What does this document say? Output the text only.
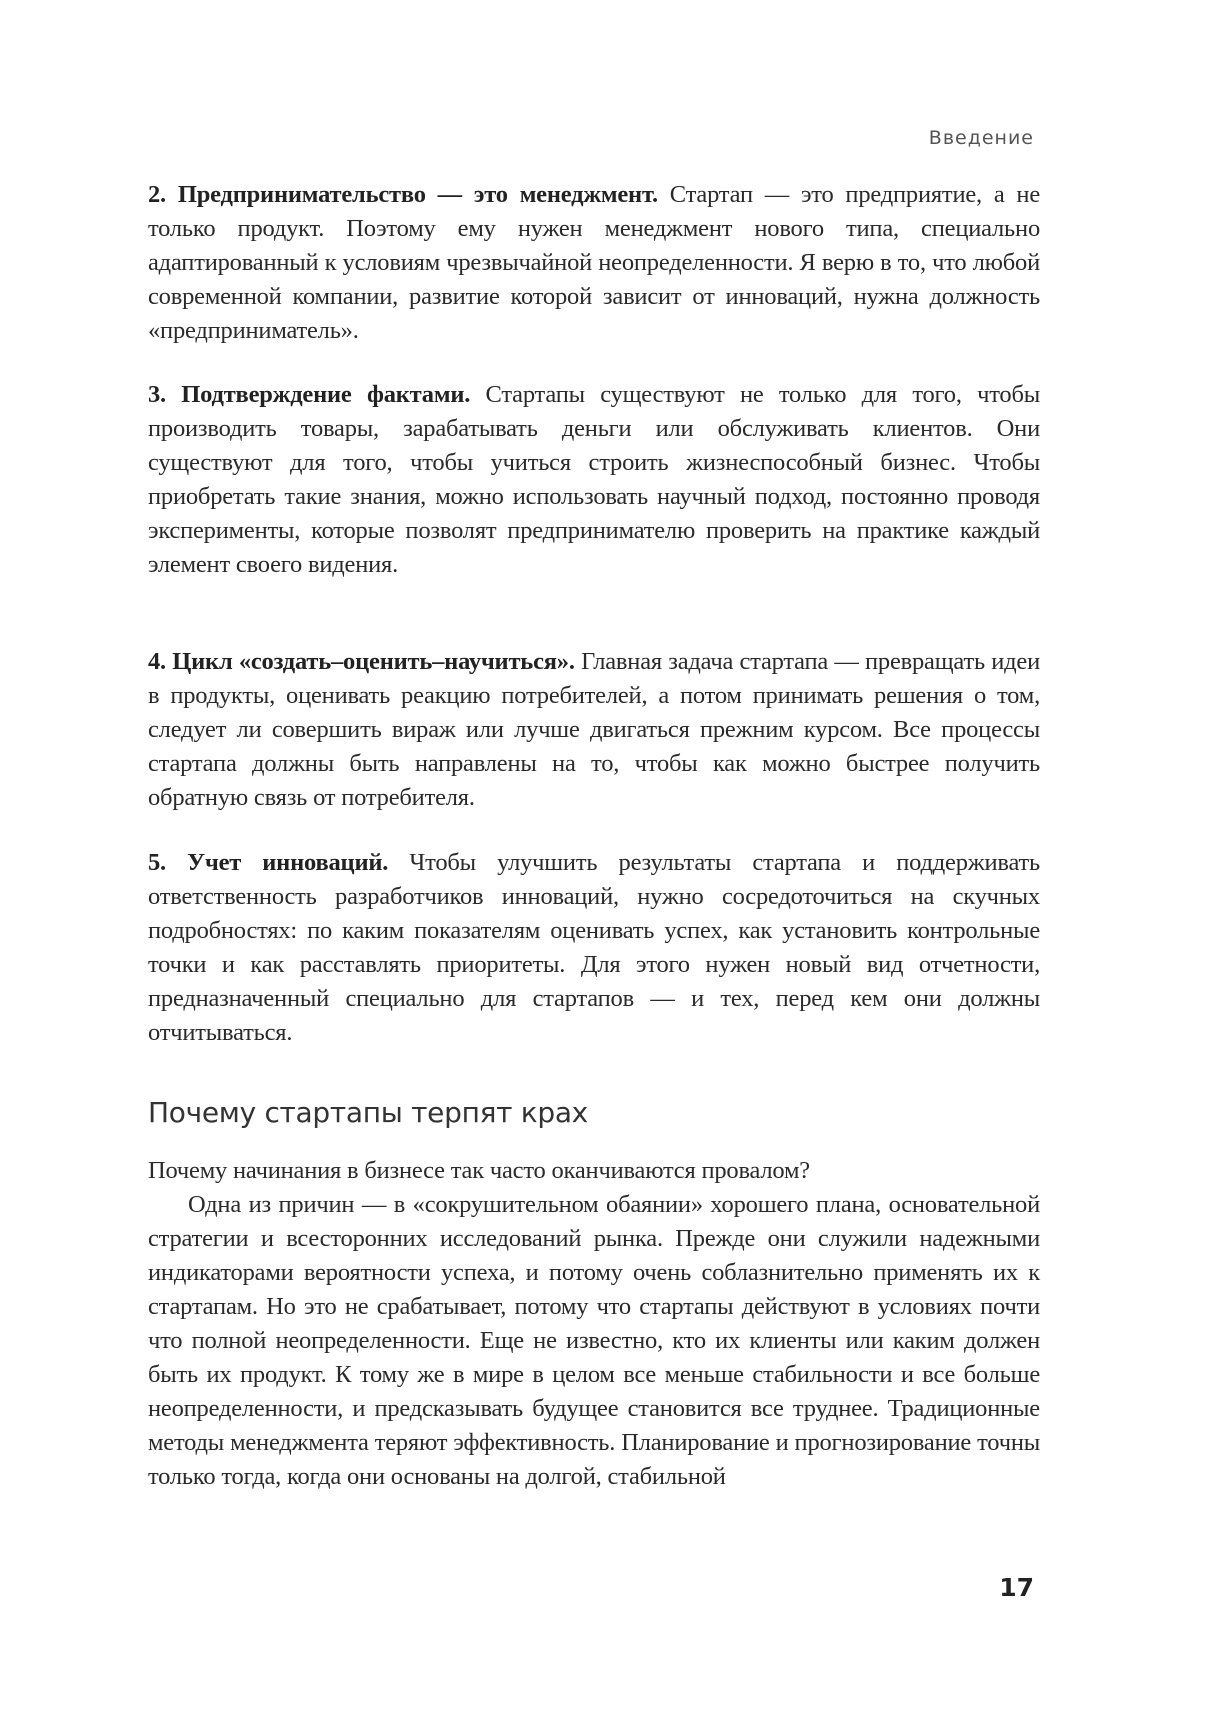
Введение

2. Предпринимательство — это менеджмент. Стартап — это предприятие, а не только продукт. Поэтому ему нужен менеджмент нового типа, специально адаптированный к условиям чрезвычайной неопределенности. Я верю в то, что любой современной компании, развитие которой зависит от инноваций, нужна должность «предприниматель».

3. Подтверждение фактами. Стартапы существуют не только для того, чтобы производить товары, зарабатывать деньги или обслуживать клиентов. Они существуют для того, чтобы учиться строить жизнеспособный бизнес. Чтобы приобретать такие знания, можно использовать научный подход, постоянно проводя эксперименты, которые позволят предпринимателю проверить на практике каждый элемент своего видения.

4. Цикл «создать–оценить–научиться». Главная задача стартапа — превращать идеи в продукты, оценивать реакцию потребителей, а потом принимать решения о том, следует ли совершить вираж или лучше двигаться прежним курсом. Все процессы стартапа должны быть направлены на то, чтобы как можно быстрее получить обратную связь от потребителя.

5. Учет инноваций. Чтобы улучшить результаты стартапа и поддерживать ответственность разработчиков инноваций, нужно сосредоточиться на скучных подробностях: по каким показателям оценивать успех, как установить контрольные точки и как расставлять приоритеты. Для этого нужен новый вид отчетности, предназначенный специально для стартапов — и тех, перед кем они должны отчитываться.

Почему стартапы терпят крах

Почему начинания в бизнесе так часто оканчиваются провалом?

Одна из причин — в «сокрушительном обаянии» хорошего плана, основательной стратегии и всесторонних исследований рынка. Прежде они служили надежными индикаторами вероятности успеха, и потому очень соблазнительно применять их к стартапам. Но это не срабатывает, потому что стартапы действуют в условиях почти что полной неопределенности. Еще не известно, кто их клиенты или каким должен быть их продукт. К тому же в мире в целом все меньше стабильности и все больше неопределенности, и предсказывать будущее становится все труднее. Традиционные методы менеджмента теряют эффективность. Планирование и прогнозирование точны только тогда, когда они основаны на долгой, стабильной

17
